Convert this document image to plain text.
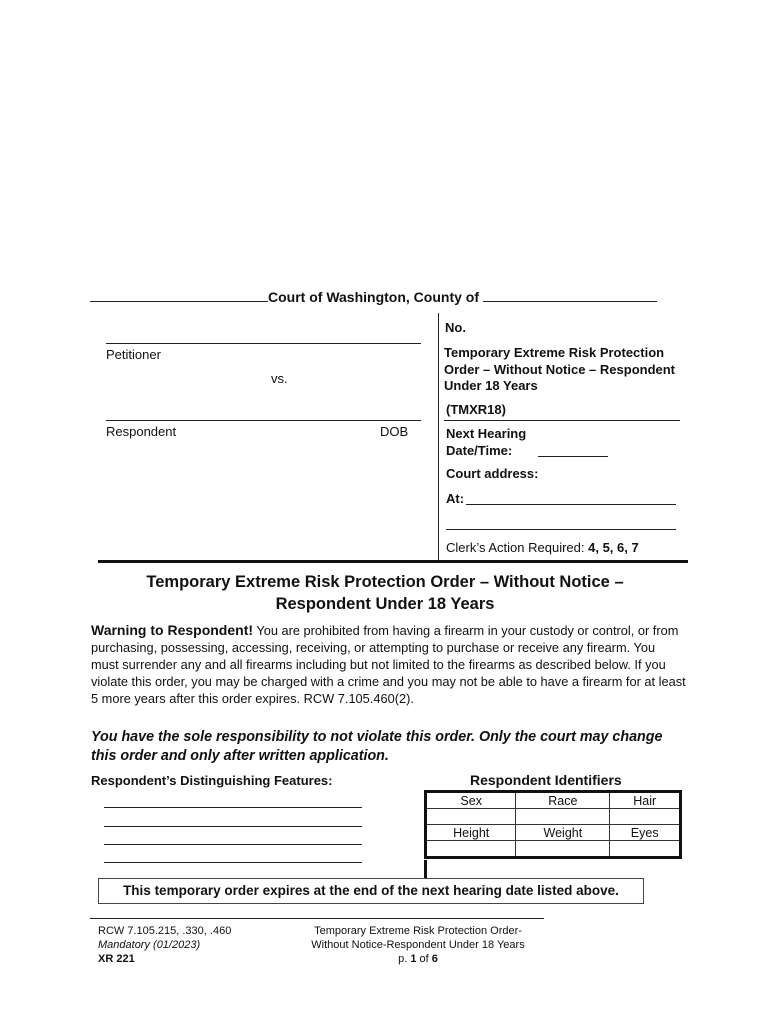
Court of Washington, County of
Petitioner
vs.
Respondent	DOB
No.
Temporary Extreme Risk Protection Order – Without Notice – Respondent Under 18 Years
(TMXR18)
Next Hearing Date/Time:
Court address:
At:
Clerk’s Action Required: 4, 5, 6, 7
Temporary Extreme Risk Protection Order – Without Notice –
Respondent Under 18 Years
Warning to Respondent! You are prohibited from having a firearm in your custody or control, or from purchasing, possessing, accessing, receiving, or attempting to purchase or receive any firearm. You must surrender any and all firearms including but not limited to the firearms as described below. If you violate this order, you may be charged with a crime and you may not be able to have a firearm for at least 5 more years after this order expires. RCW 7.105.460(2).
You have the sole responsibility to not violate this order. Only the court may change this order and only after written application.
Respondent’s Distinguishing Features:	Respondent Identifiers
Sex	Race	Hair

Height	Weight	Eyes

This temporary order expires at the end of the next hearing date listed above.
RCW 7.105.215, .330, .460
Mandatory (01/2023)
XR 221
Temporary Extreme Risk Protection Order-
Without Notice-Respondent Under 18 Years
p. 1 of 6
